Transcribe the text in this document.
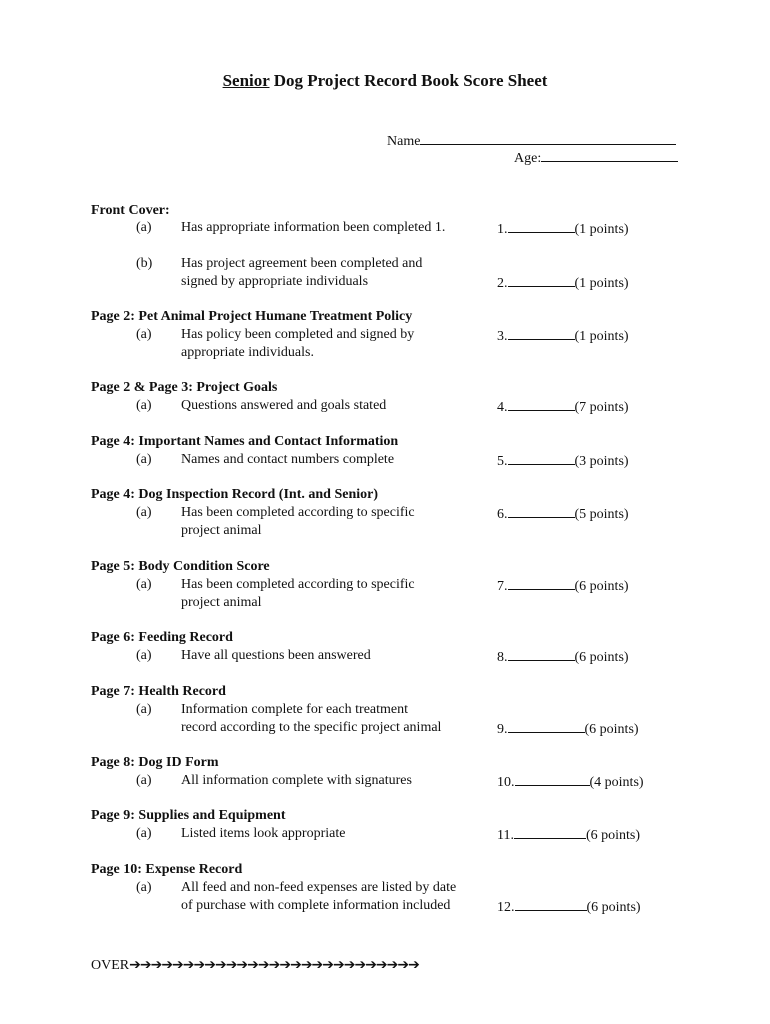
Senior Dog Project Record Book Score Sheet
Name
Age:
Front Cover:
(a) Has appropriate information been completed 1.	1.	(1 points)
(b) Has project agreement been completed and
signed by appropriate individuals	2.	(1 points)
Page 2: Pet Animal Project Humane Treatment Policy
(a) Has policy been completed and signed by
appropriate individuals.
3.	(1 points)
Page 2 & Page 3: Project Goals
(a) Questions answered and goals stated	4.	(7 points)
Page 4: Important Names and Contact Information
(a) Names and contact numbers complete	5.	(3 points)
Page 4: Dog Inspection Record (Int. and Senior)
(a) Has been completed according to specific
project animal
6.	(5 points)
Page 5: Body Condition Score
(a) Has been completed according to specific
project animal
7.	(6 points)
Page 6: Feeding Record
(a) Have all questions been answered	8.	(6 points)
Page 7: Health Record
(a) Information complete for each treatment
record according to the specific project animal	9.	(6 points)
Page 8: Dog ID Form
(a) All information complete with signatures	10.	(4 points)
Page 9: Supplies and Equipment
(a) Listed items look appropriate	11.	(6 points)
Page 10: Expense Record
(a) All feed and non-feed expenses are listed by date
of purchase with complete information included	12.	(6 points)
OVER➔➔➔➔➔➔➔➔➔➔➔➔➔➔➔➔➔➔➔➔➔➔➔➔➔➔➔
